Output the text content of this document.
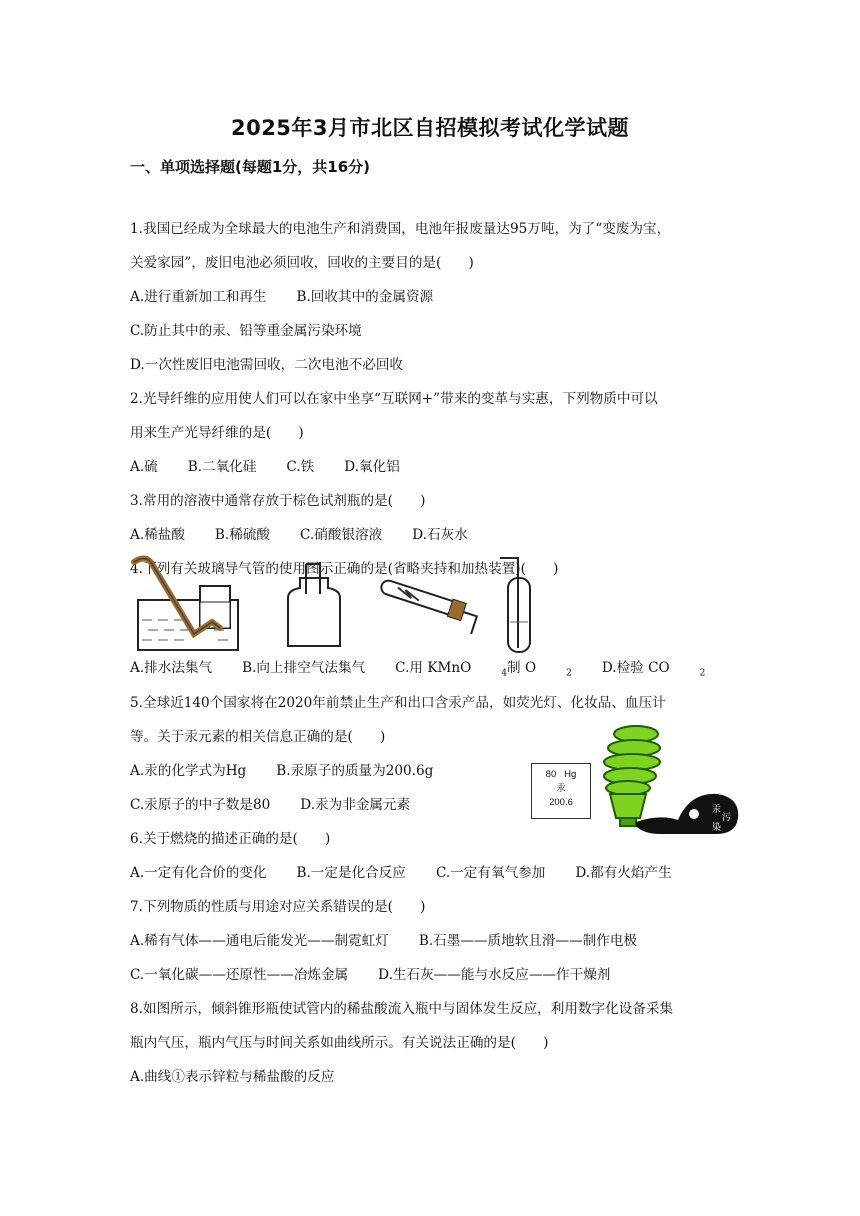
2025年3月市北区自招模拟考试化学试题
一、单项选择题(每题1分，共16分)
1.我国已经成为全球最大的电池生产和消费国，电池年报废量达95万吨，为了“变废为宝，
关爱家园”，废旧电池必须回收，回收的主要目的是(　　)
A.进行重新加工和再生 B.回收其中的金属资源
C.防止其中的汞、铅等重金属污染环境
D.一次性废旧电池需回收，二次电池不必回收
2.光导纤维的应用使人们可以在家中坐享“互联网+”带来的变革与实惠，下列物质中可以
用来生产光导纤维的是(　　)
A.硫 B.二氧化硅 C.铁 D.氧化铝
3.常用的溶液中通常存放于棕色试剂瓶的是(　　)
A.稀盐酸 B.稀硫酸 C.硝酸银溶液 D.石灰水
4.下列有关玻璃导气管的使用图示正确的是(省略夹持和加热装置)(　　)
A.排水法集气 B.向上排空气法集气 C.用 KMnO	$_4$制 O	$_2$ D.检验 CO	$_2$
5.全球近140个国家将在2020年前禁止生产和出口含汞产品，如荧光灯、化妆品、血压计
等。关于汞元素的相关信息正确的是(　　)
A.汞的化学式为Hg B.汞原子的质量为200.6g
C.汞原子的中子数是80 D.汞为非金属元素
80 Hg
汞
200.6
汞
污
染
6.关于燃烧的描述正确的是(　　)
A.一定有化合价的变化 B.一定是化合反应 C.一定有氧气参加 D.都有火焰产生
7.下列物质的性质与用途对应关系错误的是(　　)
A.稀有气体——通电后能发光——制霓虹灯 B.石墨——质地软且滑——制作电极
C.一氧化碳——还原性——冶炼金属 D.生石灰——能与水反应——作干燥剂
8.如图所示，倾斜锥形瓶使试管内的稀盐酸流入瓶中与固体发生反应，利用数字化设备采集
瓶内气压，瓶内气压与时间关系如曲线所示。有关说法正确的是(　　)
A.曲线①表示锌粒与稀盐酸的反应
